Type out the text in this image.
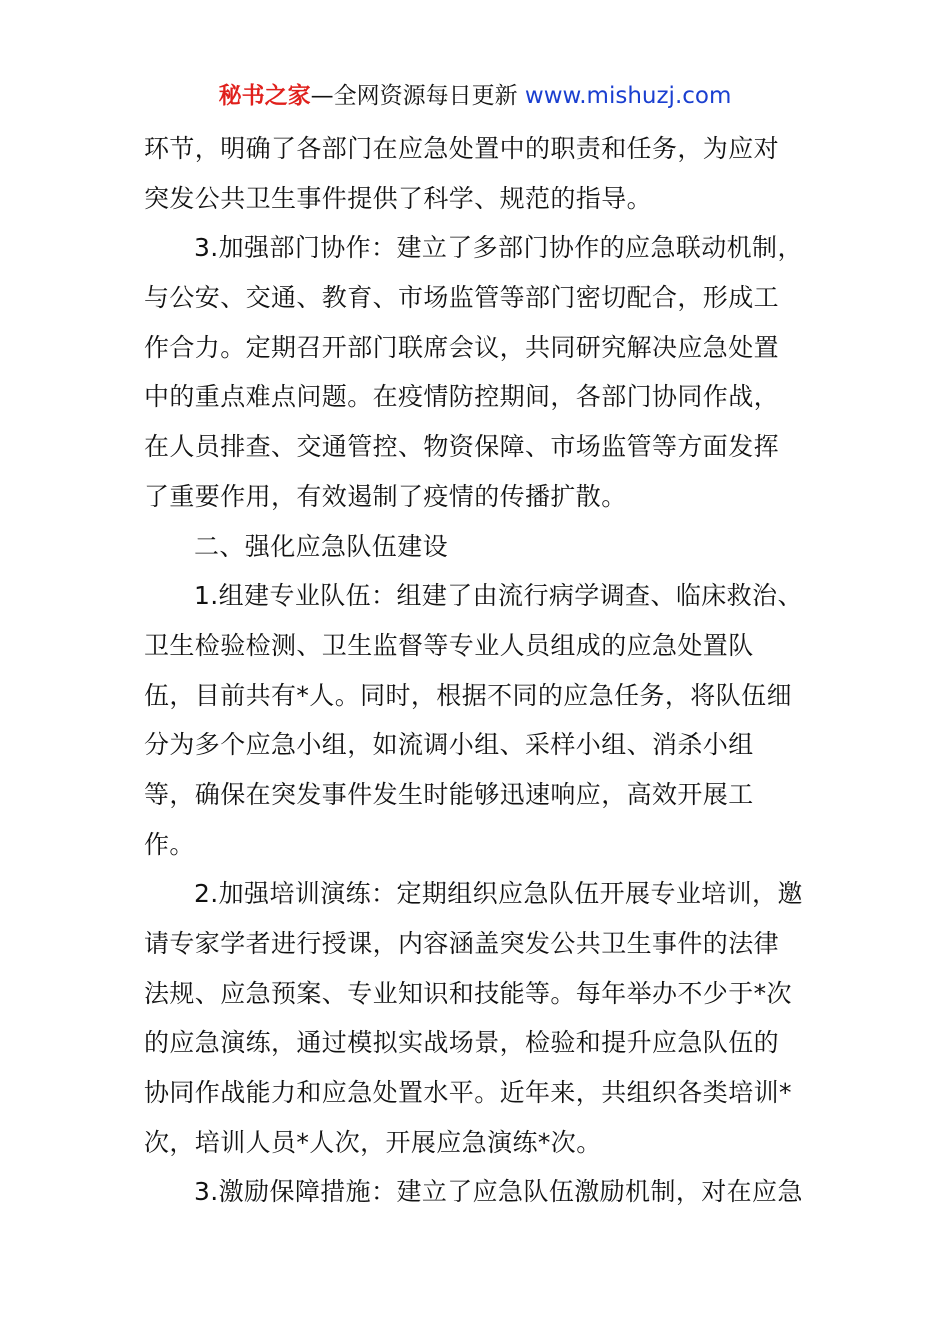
秘书之家—全网资源每日更新 www.mishuzj.com
环节，明确了各部门在应急处置中的职责和任务，为应对
突发公共卫生事件提供了科学、规范的指导。
3.加强部门协作：建立了多部门协作的应急联动机制，
与公安、交通、教育、市场监管等部门密切配合，形成工
作合力。定期召开部门联席会议，共同研究解决应急处置
中的重点难点问题。在疫情防控期间，各部门协同作战，
在人员排查、交通管控、物资保障、市场监管等方面发挥
了重要作用，有效遏制了疫情的传播扩散。
二、强化应急队伍建设
1.组建专业队伍：组建了由流行病学调查、临床救治、
卫生检验检测、卫生监督等专业人员组成的应急处置队
伍，目前共有*人。同时，根据不同的应急任务，将队伍细
分为多个应急小组，如流调小组、采样小组、消杀小组
等，确保在突发事件发生时能够迅速响应，高效开展工
作。
2.加强培训演练：定期组织应急队伍开展专业培训，邀
请专家学者进行授课，内容涵盖突发公共卫生事件的法律
法规、应急预案、专业知识和技能等。每年举办不少于*次
的应急演练，通过模拟实战场景，检验和提升应急队伍的
协同作战能力和应急处置水平。近年来，共组织各类培训*
次，培训人员*人次，开展应急演练*次。
3.激励保障措施：建立了应急队伍激励机制，对在应急
